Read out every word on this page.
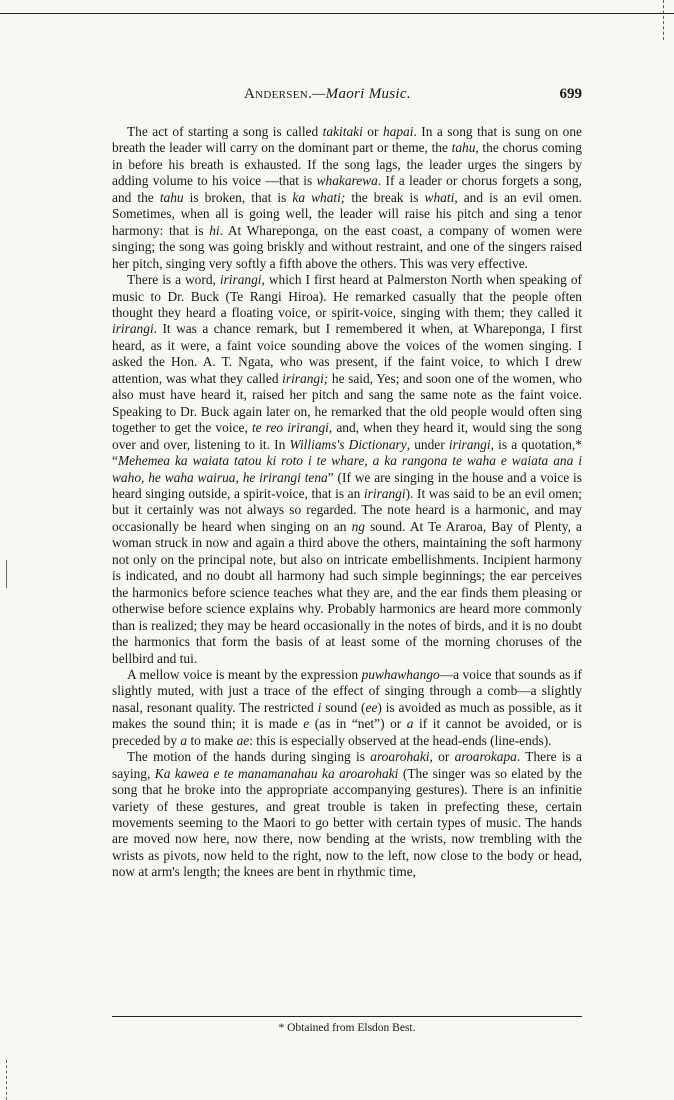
Andersen.—Maori Music.	699

The act of starting a song is called takitaki or hapai. In a song that is sung on one breath the leader will carry on the dominant part or theme, the tahu, the chorus coming in before his breath is exhausted. If the song lags, the leader urges the singers by adding volume to his voice —that is whakarewa. If a leader or chorus forgets a song, and the tahu is broken, that is ka whati; the break is whati, and is an evil omen. Sometimes, when all is going well, the leader will raise his pitch and sing a tenor harmony: that is hi. At Whareponga, on the east coast, a company of women were singing; the song was going briskly and without restraint, and one of the singers raised her pitch, singing very softly a fifth above the others. This was very effective.

There is a word, irirangi, which I first heard at Palmerston North when speaking of music to Dr. Buck (Te Rangi Hiroa). He remarked casually that the people often thought they heard a floating voice, or spirit-voice, singing with them; they called it irirangi. It was a chance remark, but I remembered it when, at Whareponga, I first heard, as it were, a faint voice sounding above the voices of the women singing. I asked the Hon. A. T. Ngata, who was present, if the faint voice, to which I drew attention, was what they called irirangi; he said, Yes; and soon one of the women, who also must have heard it, raised her pitch and sang the same note as the faint voice. Speaking to Dr. Buck again later on, he remarked that the old people would often sing together to get the voice, te reo irirangi, and, when they heard it, would sing the song over and over, listening to it. In Williams's Dictionary, under irirangi, is a quotation,* “Mehemea ka waiata tatou ki roto i te whare, a ka rangona te waha e waiata ana i waho, he waha wairua, he irirangi tena” (If we are singing in the house and a voice is heard singing outside, a spirit-voice, that is an irirangi). It was said to be an evil omen; but it certainly was not always so regarded. The note heard is a harmonic, and may occasionally be heard when singing on an ng sound. At Te Araroa, Bay of Plenty, a woman struck in now and again a third above the others, maintaining the soft harmony not only on the principal note, but also on intricate embellishments. Incipient harmony is indicated, and no doubt all harmony had such simple beginnings; the ear perceives the harmonics before science teaches what they are, and the ear finds them pleasing or otherwise before science explains why. Probably harmonics are heard more commonly than is realized; they may be heard occasionally in the notes of birds, and it is no doubt the harmonics that form the basis of at least some of the morning choruses of the bellbird and tui.

A mellow voice is meant by the expression puwhawhango—a voice that sounds as if slightly muted, with just a trace of the effect of singing through a comb—a slightly nasal, resonant quality. The restricted i sound (ee) is avoided as much as possible, as it makes the sound thin; it is made e (as in “net”) or a if it cannot be avoided, or is preceded by a to make ae: this is especially observed at the head-ends (line-ends).

The motion of the hands during singing is aroarohaki, or aroarokapa. There is a saying, Ka kawea e te manamanahau ka aroarohaki (The singer was so elated by the song that he broke into the appropriate accompanying gestures). There is an infinitie variety of these gestures, and great trouble is taken in prefecting these, certain movements seeming to the Maori to go better with certain types of music. The hands are moved now here, now there, now bending at the wrists, now trembling with the wrists as pivots, now held to the right, now to the left, now close to the body or head, now at arm's length; the knees are bent in rhythmic time,

* Obtained from Elsdon Best.
